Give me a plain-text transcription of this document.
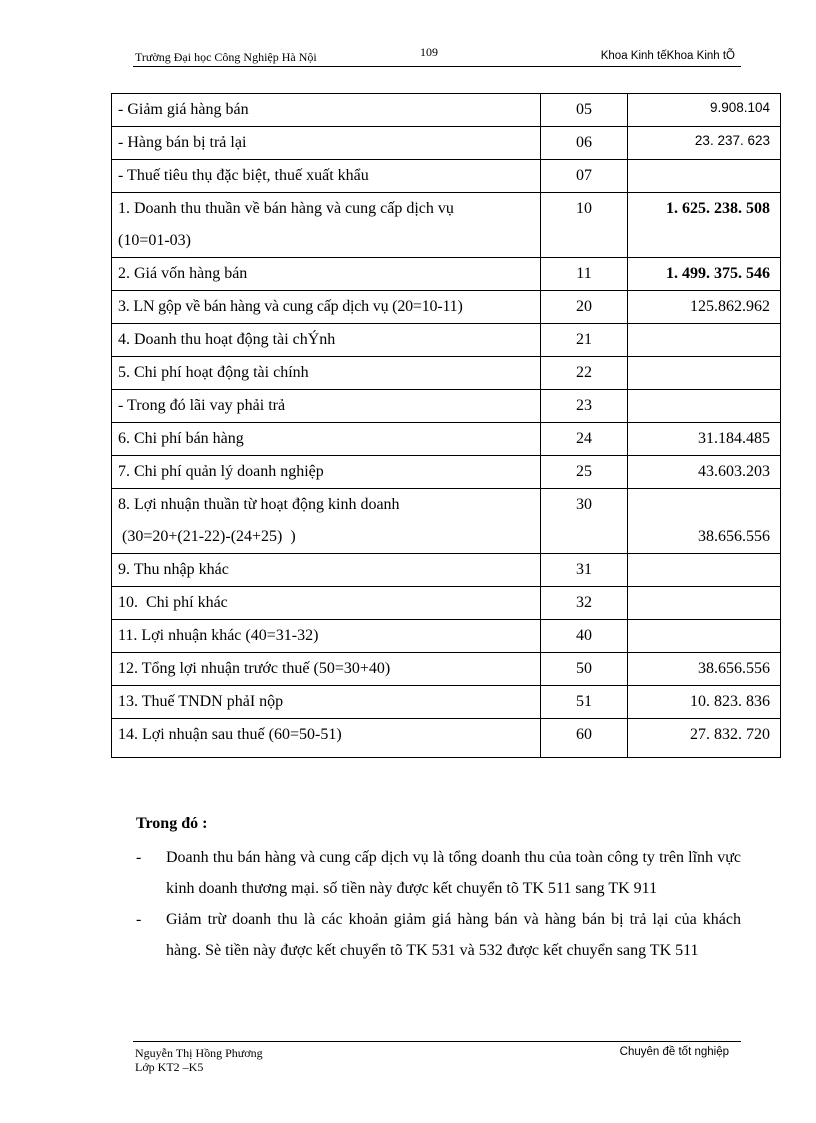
Trường Đại học Công Nghiệp Hà Nội	109	Khoa Kinh tếKhoa Kinh tÕ
- Giảm giá hàng bán	05	9.908.104
- Hàng bán bị trả lại	06	23. 237. 623
- Thuế tiêu thụ đặc biệt, thuế xuất khẩu	07	

1. Doanh thu thuần về bán hàng và cung cấp dịch vụ
(10=01-03)	10	1. 625. 238. 508
2. Giá vốn hàng bán	11	1. 499. 375. 546
3. LN gộp về bán hàng và cung cấp dịch vụ (20=10-11)	20	125.862.962
4. Doanh thu hoạt động tài chÝnh	21	
5. Chi phí hoạt động tài chính	22	
- Trong đó lãi vay phải trả	23	
6. Chi phí bán hàng	24	31.184.485
7. Chi phí quản lý doanh nghiệp	25	43.603.203

8. Lợi nhuận thuần từ hoạt động kinh doanh
(30=20+(21-22)-(24+25)  )	30	38.656.556

9. Thu nhập khác	31	
10.  Chi phí khác	32	
11. Lợi nhuận khác (40=31-32)	40	
12. Tổng lợi nhuận trước thuế (50=30+40)	50	38.656.556
13. Thuế TNDN phảI nộp	51	10. 823. 836
14. Lợi nhuận sau thuế (60=50-51)	60	27. 832. 720
Trong đó :
- Doanh thu bán hàng và cung cấp dịch vụ là tổng doanh thu của toàn công ty trên lĩnh vực kinh doanh thương mại. số tiền này được kết chuyển tõ TK 511 sang TK 911
- Giảm trừ doanh thu là các khoản giảm giá hàng bán và hàng bán bị trả lại của khách hàng. Sè tiền này được kết chuyển tõ TK 531 và 532 được kết chuyển sang TK 511
Nguyễn Thị Hồng Phương
Lớp KT2 –K5
Chuyên đề tốt nghiệp
